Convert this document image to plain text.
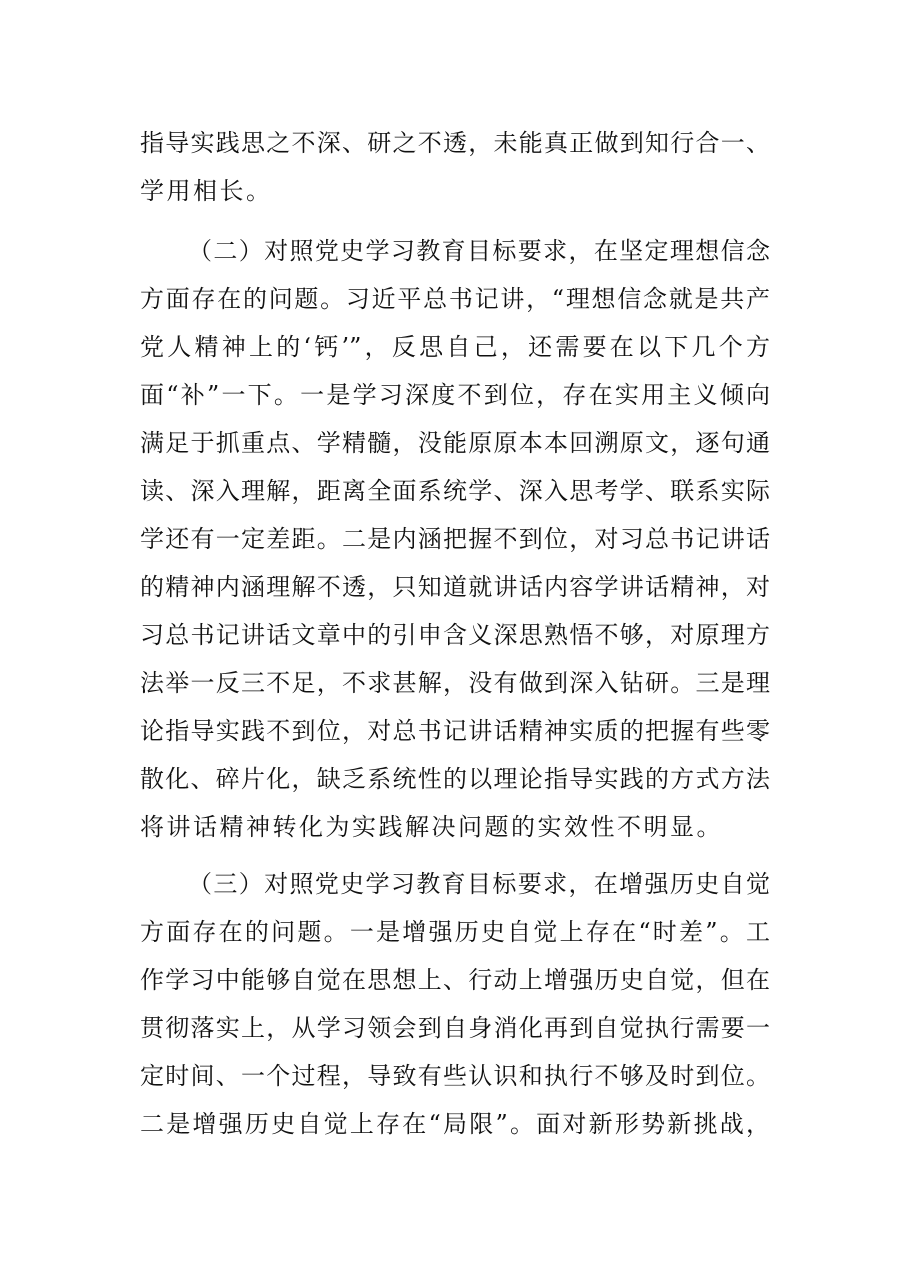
指导实践思之不深、研之不透，未能真正做到知行合一、
学用相长。
（二）对照党史学习教育目标要求，在坚定理想信念
方面存在的问题。习近平总书记讲，“理想信念就是共产
党人精神上的‘钙’”，反思自己，还需要在以下几个方
面“补”一下。一是学习深度不到位，存在实用主义倾向
满足于抓重点、学精髓，没能原原本本回溯原文，逐句通
读、深入理解，距离全面系统学、深入思考学、联系实际
学还有一定差距。二是内涵把握不到位，对习总书记讲话
的精神内涵理解不透，只知道就讲话内容学讲话精神，对
习总书记讲话文章中的引申含义深思熟悟不够，对原理方
法举一反三不足，不求甚解，没有做到深入钻研。三是理
论指导实践不到位，对总书记讲话精神实质的把握有些零
散化、碎片化，缺乏系统性的以理论指导实践的方式方法
将讲话精神转化为实践解决问题的实效性不明显。
（三）对照党史学习教育目标要求，在增强历史自觉
方面存在的问题。一是增强历史自觉上存在“时差”。工
作学习中能够自觉在思想上、行动上增强历史自觉，但在
贯彻落实上，从学习领会到自身消化再到自觉执行需要一
定时间、一个过程，导致有些认识和执行不够及时到位。
二是增强历史自觉上存在“局限”。面对新形势新挑战，
